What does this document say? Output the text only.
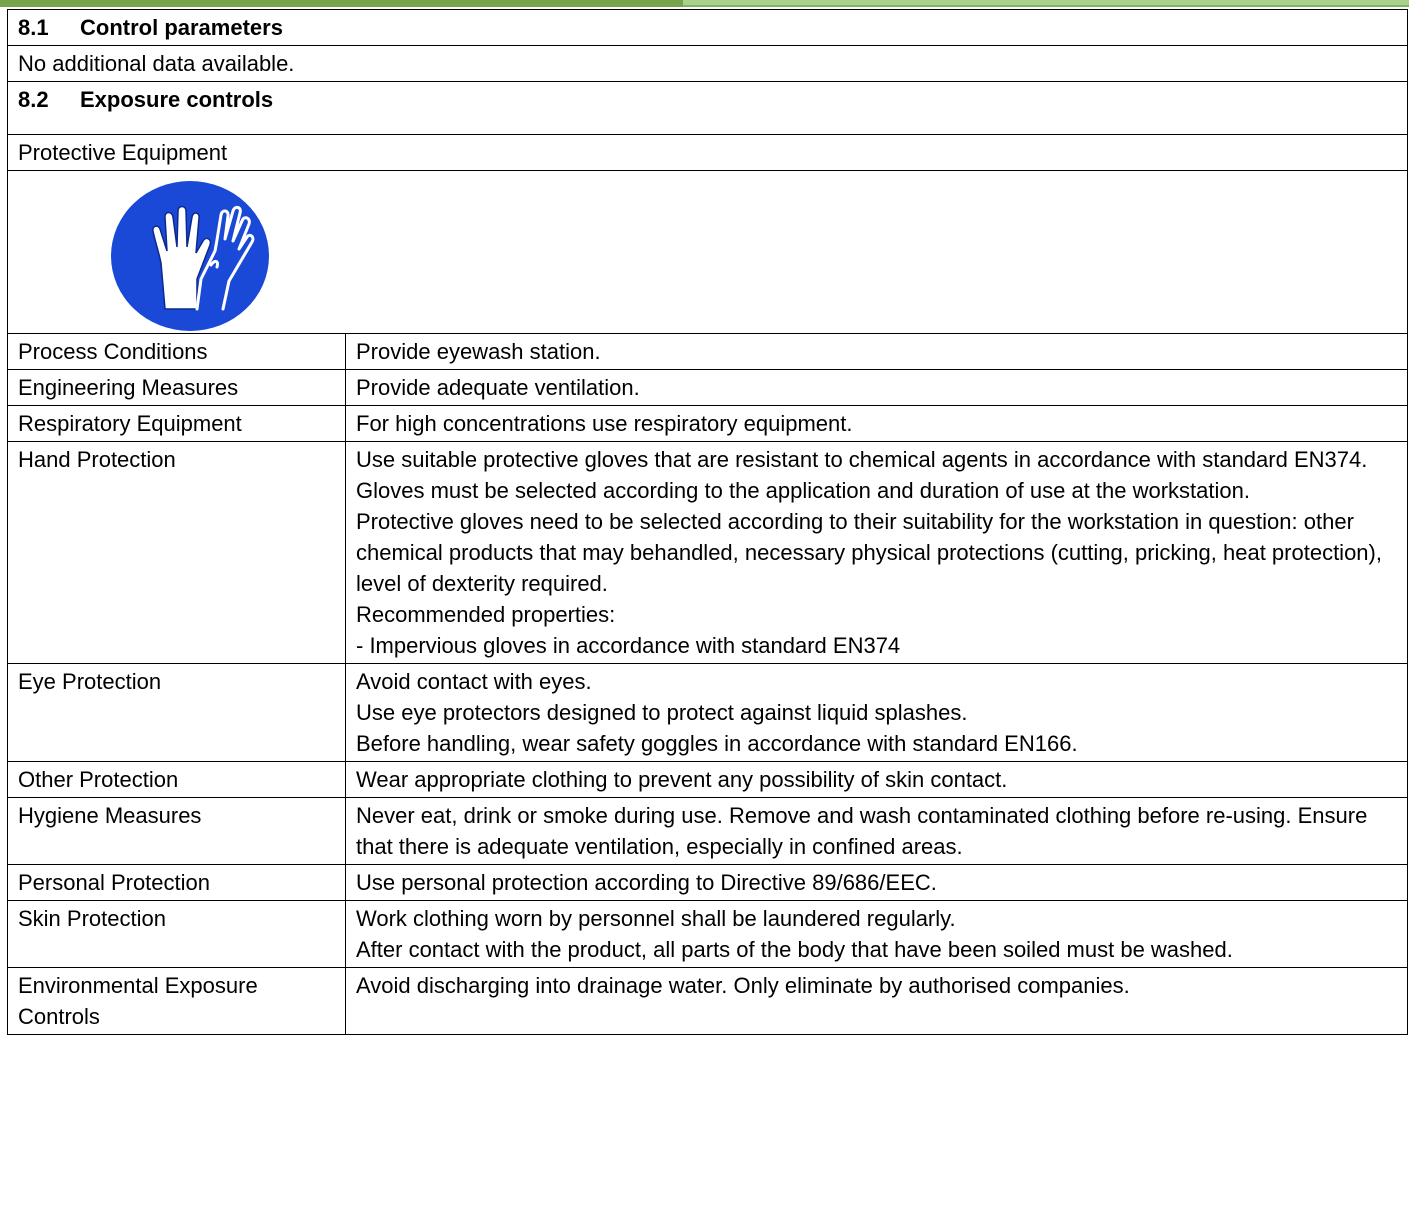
8.1 Control parameters	
No additional data available.	
8.2 Exposure controls	
Protective Equipment	

Process Conditions	Provide eyewash station.

Engineering Measures	Provide adequate ventilation.

Respiratory Equipment	For high concentrations use respiratory equipment.

Hand Protection	Use suitable protective gloves that are resistant to chemical agents in accordance with standard EN374.
Gloves must be selected according to the application and duration of use at the workstation.
Protective gloves need to be selected according to their suitability for the workstation in question: other chemical products that may behandled, necessary physical protections (cutting, pricking, heat protection), level of dexterity required.
Recommended properties:
- Impervious gloves in accordance with standard EN374

Eye Protection	Avoid contact with eyes.
Use eye protectors designed to protect against liquid splashes.
Before handling, wear safety goggles in accordance with standard EN166.

Other Protection	Wear appropriate clothing to prevent any possibility of skin contact.

Hygiene Measures	Never eat, drink or smoke during use. Remove and wash contaminated clothing before re-using. Ensure that there is adequate ventilation, especially in confined areas.

Personal Protection	Use personal protection according to Directive 89/686/EEC.

Skin Protection	Work clothing worn by personnel shall be laundered regularly.
After contact with the product, all parts of the body that have been soiled must be washed.

Environmental Exposure Controls	Avoid discharging into drainage water. Only eliminate by authorised companies.
